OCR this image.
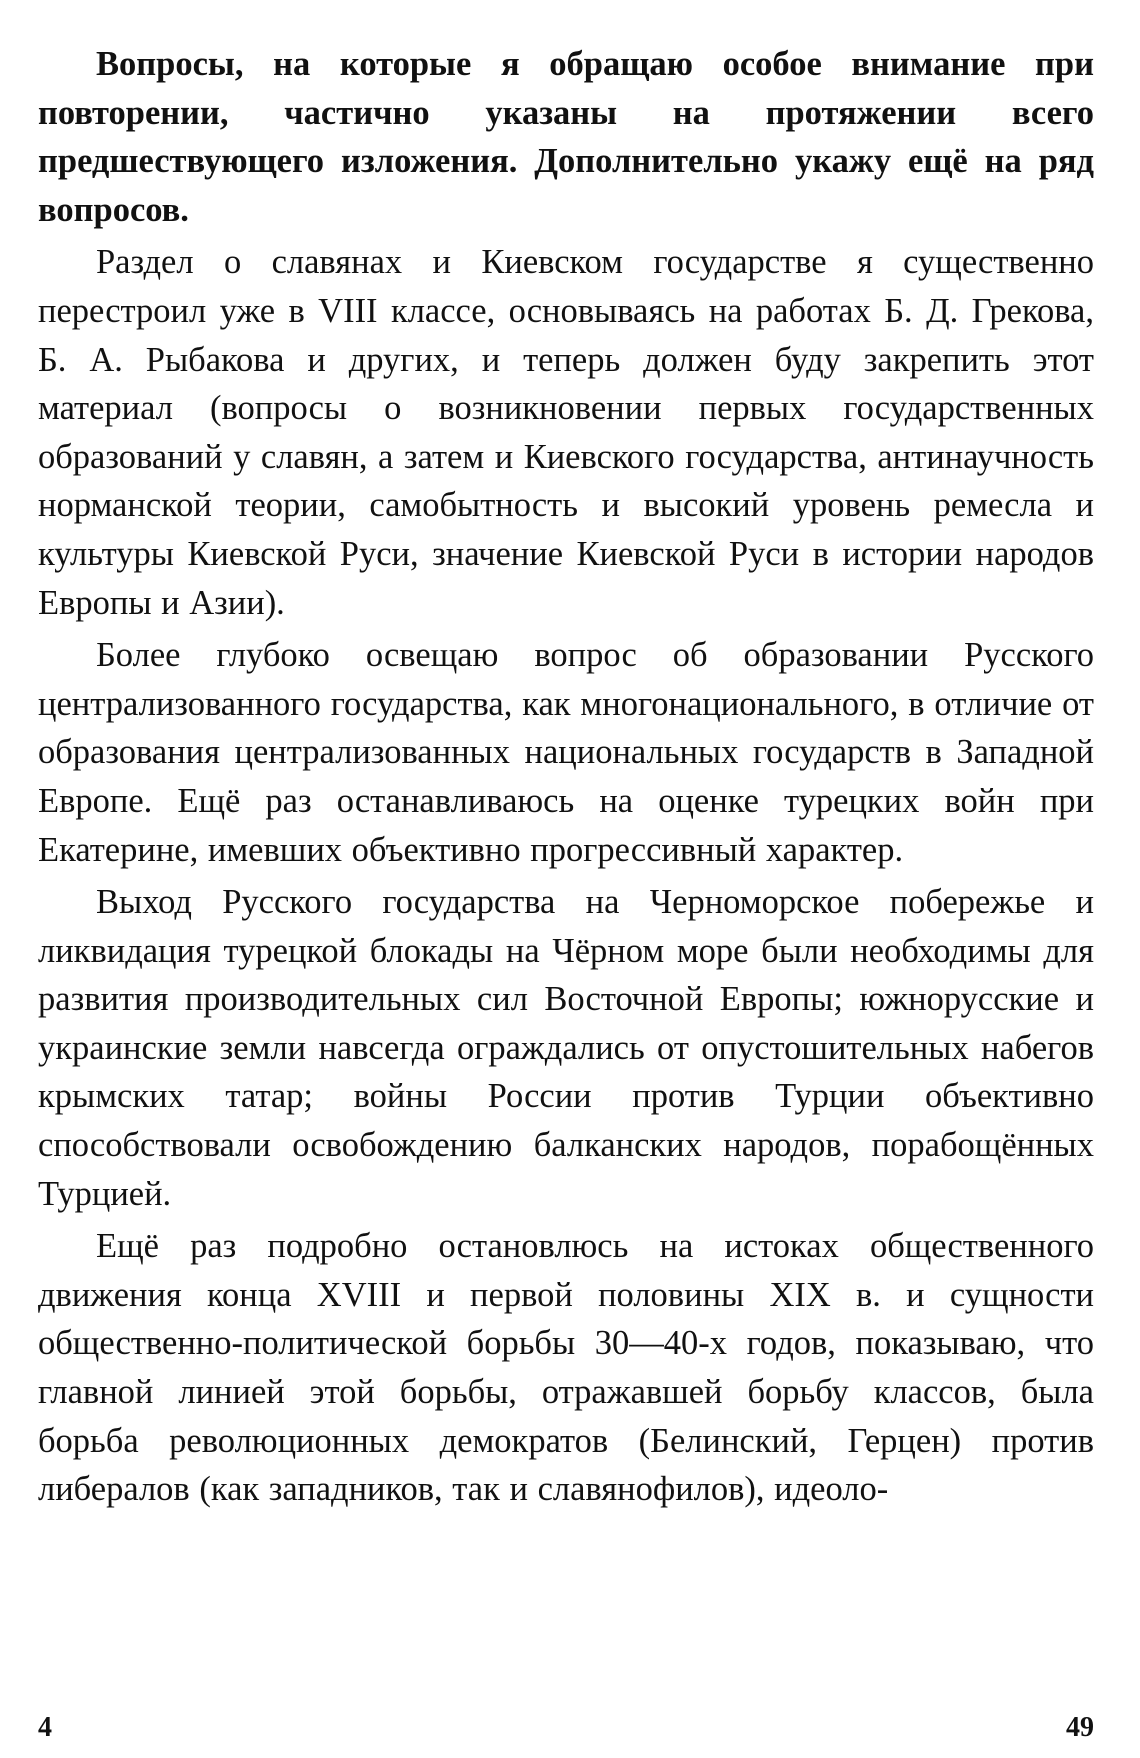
Вопросы, на которые я обращаю особое внимание при повторении, частично указаны на протяжении всего предшествующего изложения. Дополнительно укажу ещё на ряд вопросов.

Раздел о славянах и Киевском государстве я существенно перестроил уже в VIII классе, основываясь на работах Б. Д. Грекова, Б. А. Рыбакова и других, и теперь должен буду закрепить этот материал (вопросы о возникновении первых государственных образований у славян, а затем и Киевского государства, антинаучность норманской теории, самобытность и высокий уровень ремесла и культуры Киевской Руси, значение Киевской Руси в истории народов Европы и Азии).

Более глубоко освещаю вопрос об образовании Русского централизованного государства, как многонационального, в отличие от образования централизованных национальных государств в Западной Европе. Ещё раз останавливаюсь на оценке турецких войн при Екатерине, имевших объективно прогрессивный характер.

Выход Русского государства на Черноморское побережье и ликвидация турецкой блокады на Чёрном море были необходимы для развития производительных сил Восточной Европы; южнорусские и украинские земли навсегда ограждались от опустошительных набегов крымских татар; войны России против Турции объективно способствовали освобождению балканских народов, порабощённых Турцией.

Ещё раз подробно остановлюсь на истоках общественного движения конца XVIII и первой половины XIX в. и сущности общественно-политической борьбы 30—40-х годов, показываю, что главной линией этой борьбы, отражавшей борьбу классов, была борьба революционных демократов (Белинский, Герцен) против либералов (как западников, так и славянофилов), идеоло-

4	49
